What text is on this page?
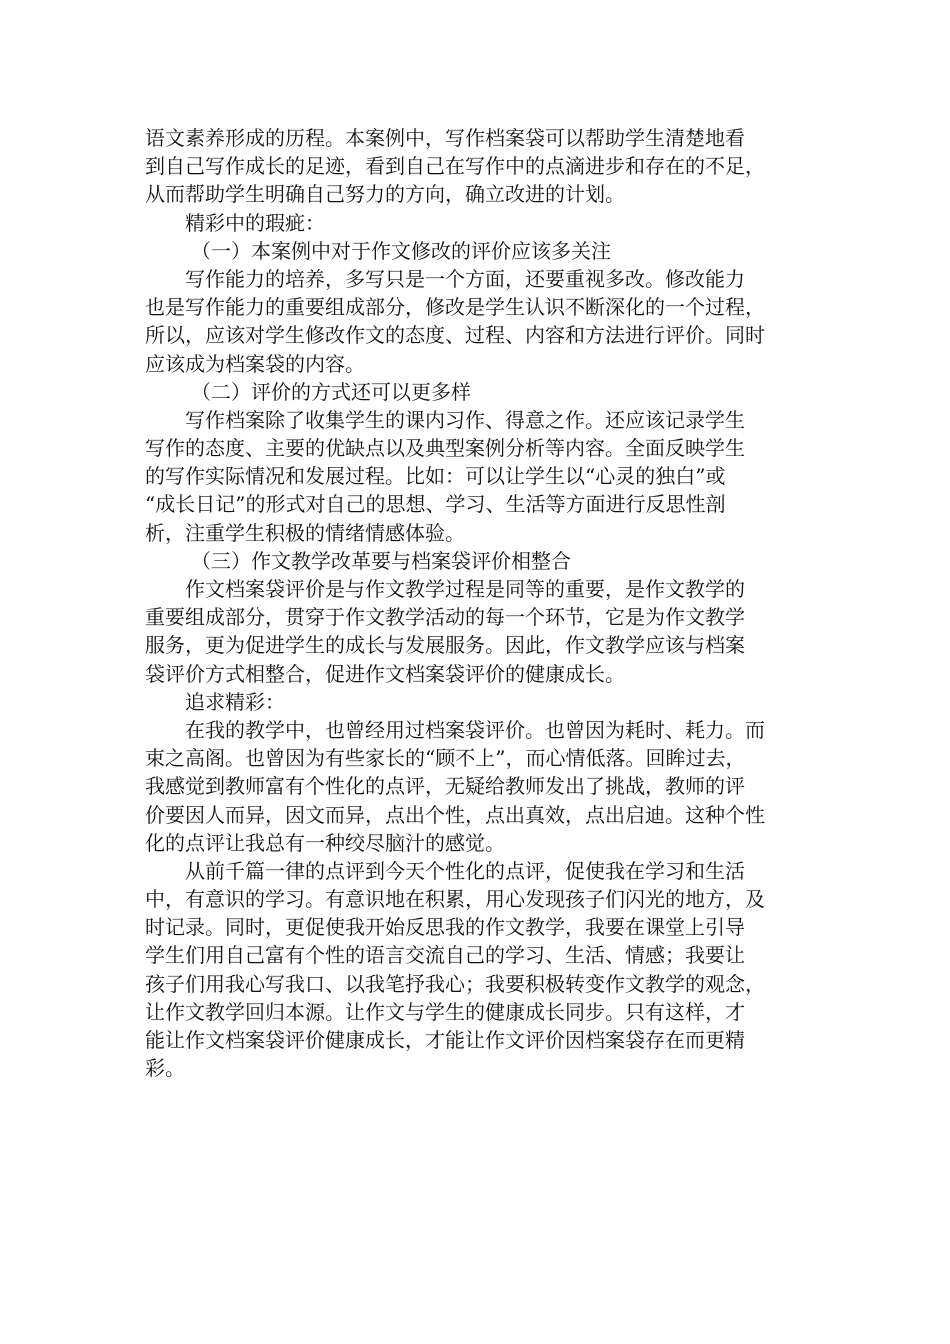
语文素养形成的历程。本案例中，写作档案袋可以帮助学生清楚地看
到自己写作成长的足迹，看到自己在写作中的点滴进步和存在的不足，
从而帮助学生明确自己努力的方向，确立改进的计划。
精彩中的瑕疵：
（一）本案例中对于作文修改的评价应该多关注
写作能力的培养，多写只是一个方面，还要重视多改。修改能力
也是写作能力的重要组成部分，修改是学生认识不断深化的一个过程，
所以，应该对学生修改作文的态度、过程、内容和方法进行评价。同时
应该成为档案袋的内容。
（二）评价的方式还可以更多样
写作档案除了收集学生的课内习作、得意之作。还应该记录学生
写作的态度、主要的优缺点以及典型案例分析等内容。全面反映学生
的写作实际情况和发展过程。比如：可以让学生以“心灵的独白”或
“成长日记”的形式对自己的思想、学习、生活等方面进行反思性剖
析，注重学生积极的情绪情感体验。
（三）作文教学改革要与档案袋评价相整合
作文档案袋评价是与作文教学过程是同等的重要，是作文教学的
重要组成部分，贯穿于作文教学活动的每一个环节，它是为作文教学
服务，更为促进学生的成长与发展服务。因此，作文教学应该与档案
袋评价方式相整合，促进作文档案袋评价的健康成长。
追求精彩：
在我的教学中，也曾经用过档案袋评价。也曾因为耗时、耗力。而
束之高阁。也曾因为有些家长的“顾不上”，而心情低落。回眸过去，
我感觉到教师富有个性化的点评，无疑给教师发出了挑战，教师的评
价要因人而异，因文而异，点出个性，点出真效，点出启迪。这种个性
化的点评让我总有一种绞尽脑汁的感觉。
从前千篇一律的点评到今天个性化的点评，促使我在学习和生活
中，有意识的学习。有意识地在积累，用心发现孩子们闪光的地方，及
时记录。同时，更促使我开始反思我的作文教学，我要在课堂上引导
学生们用自己富有个性的语言交流自己的学习、生活、情感；我要让
孩子们用我心写我口、以我笔抒我心；我要积极转变作文教学的观念，
让作文教学回归本源。让作文与学生的健康成长同步。只有这样，才
能让作文档案袋评价健康成长，才能让作文评价因档案袋存在而更精
彩。
